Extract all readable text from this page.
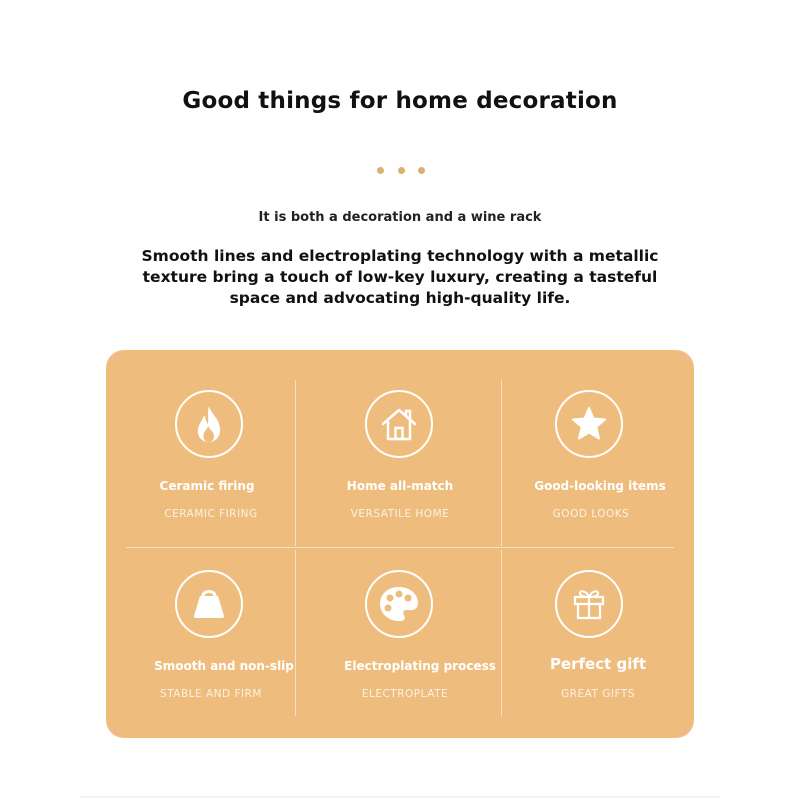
Good things for home decoration
It is both a decoration and a wine rack
Smooth lines and electroplating technology with a metallic texture bring a touch of low-key luxury, creating a tasteful space and advocating high-quality life.
Ceramic firing
CERAMIC FIRING
Home all-match
VERSATILE HOME
Good-looking items
GOOD LOOKS
Smooth and non-slip
STABLE AND FIRM
Electroplating process
ELECTROPLATE
Perfect gift
GREAT GIFTS
